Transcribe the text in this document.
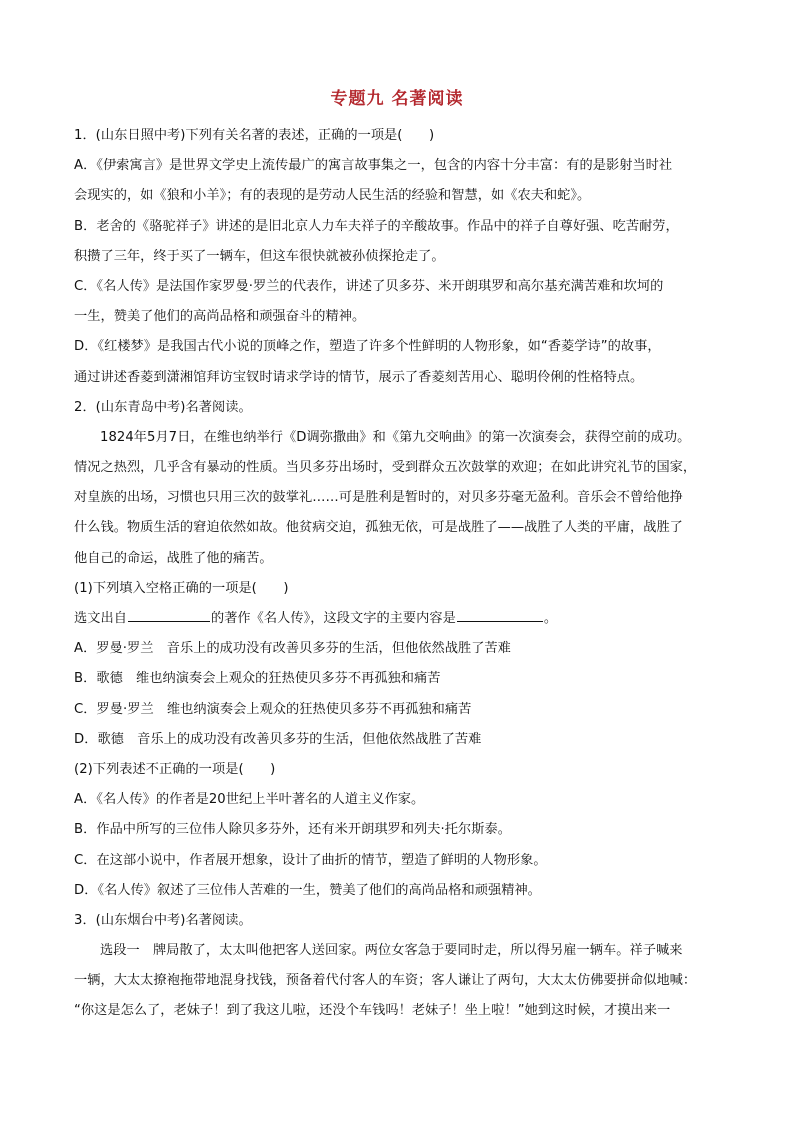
专题九 名著阅读
1．(山东日照中考)下列有关名著的表述，正确的一项是(　　)
A．《伊索寓言》是世界文学史上流传最广的寓言故事集之一，包含的内容十分丰富：有的是影射当时社
会现实的，如《狼和小羊》；有的表现的是劳动人民生活的经验和智慧，如《农夫和蛇》。
B．老舍的《骆驼祥子》讲述的是旧北京人力车夫祥子的辛酸故事。作品中的祥子自尊好强、吃苦耐劳，
积攒了三年，终于买了一辆车，但这车很快就被孙侦探抢走了。
C．《名人传》是法国作家罗曼·罗兰的代表作，讲述了贝多芬、米开朗琪罗和高尔基充满苦难和坎坷的
一生，赞美了他们的高尚品格和顽强奋斗的精神。
D．《红楼梦》是我国古代小说的顶峰之作，塑造了许多个性鲜明的人物形象，如“香菱学诗”的故事，
通过讲述香菱到潇湘馆拜访宝钗时请求学诗的情节，展示了香菱刻苦用心、聪明伶俐的性格特点。
2．(山东青岛中考)名著阅读。
1824年5月7日，在维也纳举行《D调弥撒曲》和《第九交响曲》的第一次演奏会，获得空前的成功。
情况之热烈，几乎含有暴动的性质。当贝多芬出场时，受到群众五次鼓掌的欢迎；在如此讲究礼节的国家，
对皇族的出场，习惯也只用三次的鼓掌礼……可是胜利是暂时的，对贝多芬毫无盈利。音乐会不曾给他挣
什么钱。物质生活的窘迫依然如故。他贫病交迫，孤独无依，可是战胜了——战胜了人类的平庸，战胜了
他自己的命运，战胜了他的痛苦。
(1)下列填入空格正确的一项是(　　)
选文出自	的著作《名人传》，这段文字的主要内容是	。
A．罗曼·罗兰　音乐上的成功没有改善贝多芬的生活，但他依然战胜了苦难
B．歌德　维也纳演奏会上观众的狂热使贝多芬不再孤独和痛苦
C．罗曼·罗兰　维也纳演奏会上观众的狂热使贝多芬不再孤独和痛苦
D．歌德　音乐上的成功没有改善贝多芬的生活，但他依然战胜了苦难
(2)下列表述不正确的一项是(　　)
A．《名人传》的作者是20世纪上半叶著名的人道主义作家。
B．作品中所写的三位伟人除贝多芬外，还有米开朗琪罗和列夫·托尔斯泰。
C．在这部小说中，作者展开想象，设计了曲折的情节，塑造了鲜明的人物形象。
D．《名人传》叙述了三位伟人苦难的一生，赞美了他们的高尚品格和顽强精神。
3．(山东烟台中考)名著阅读。
选段一　牌局散了，太太叫他把客人送回家。两位女客急于要同时走，所以得另雇一辆车。祥子喊来
一辆，大太太撩袍拖带地混身找钱，预备着代付客人的车资；客人谦让了两句，大太太仿佛要拼命似地喊：
“你这是怎么了，老妹子！到了我这儿啦，还没个车钱吗！老妹子！坐上啦！”她到这时候，才摸出来一
